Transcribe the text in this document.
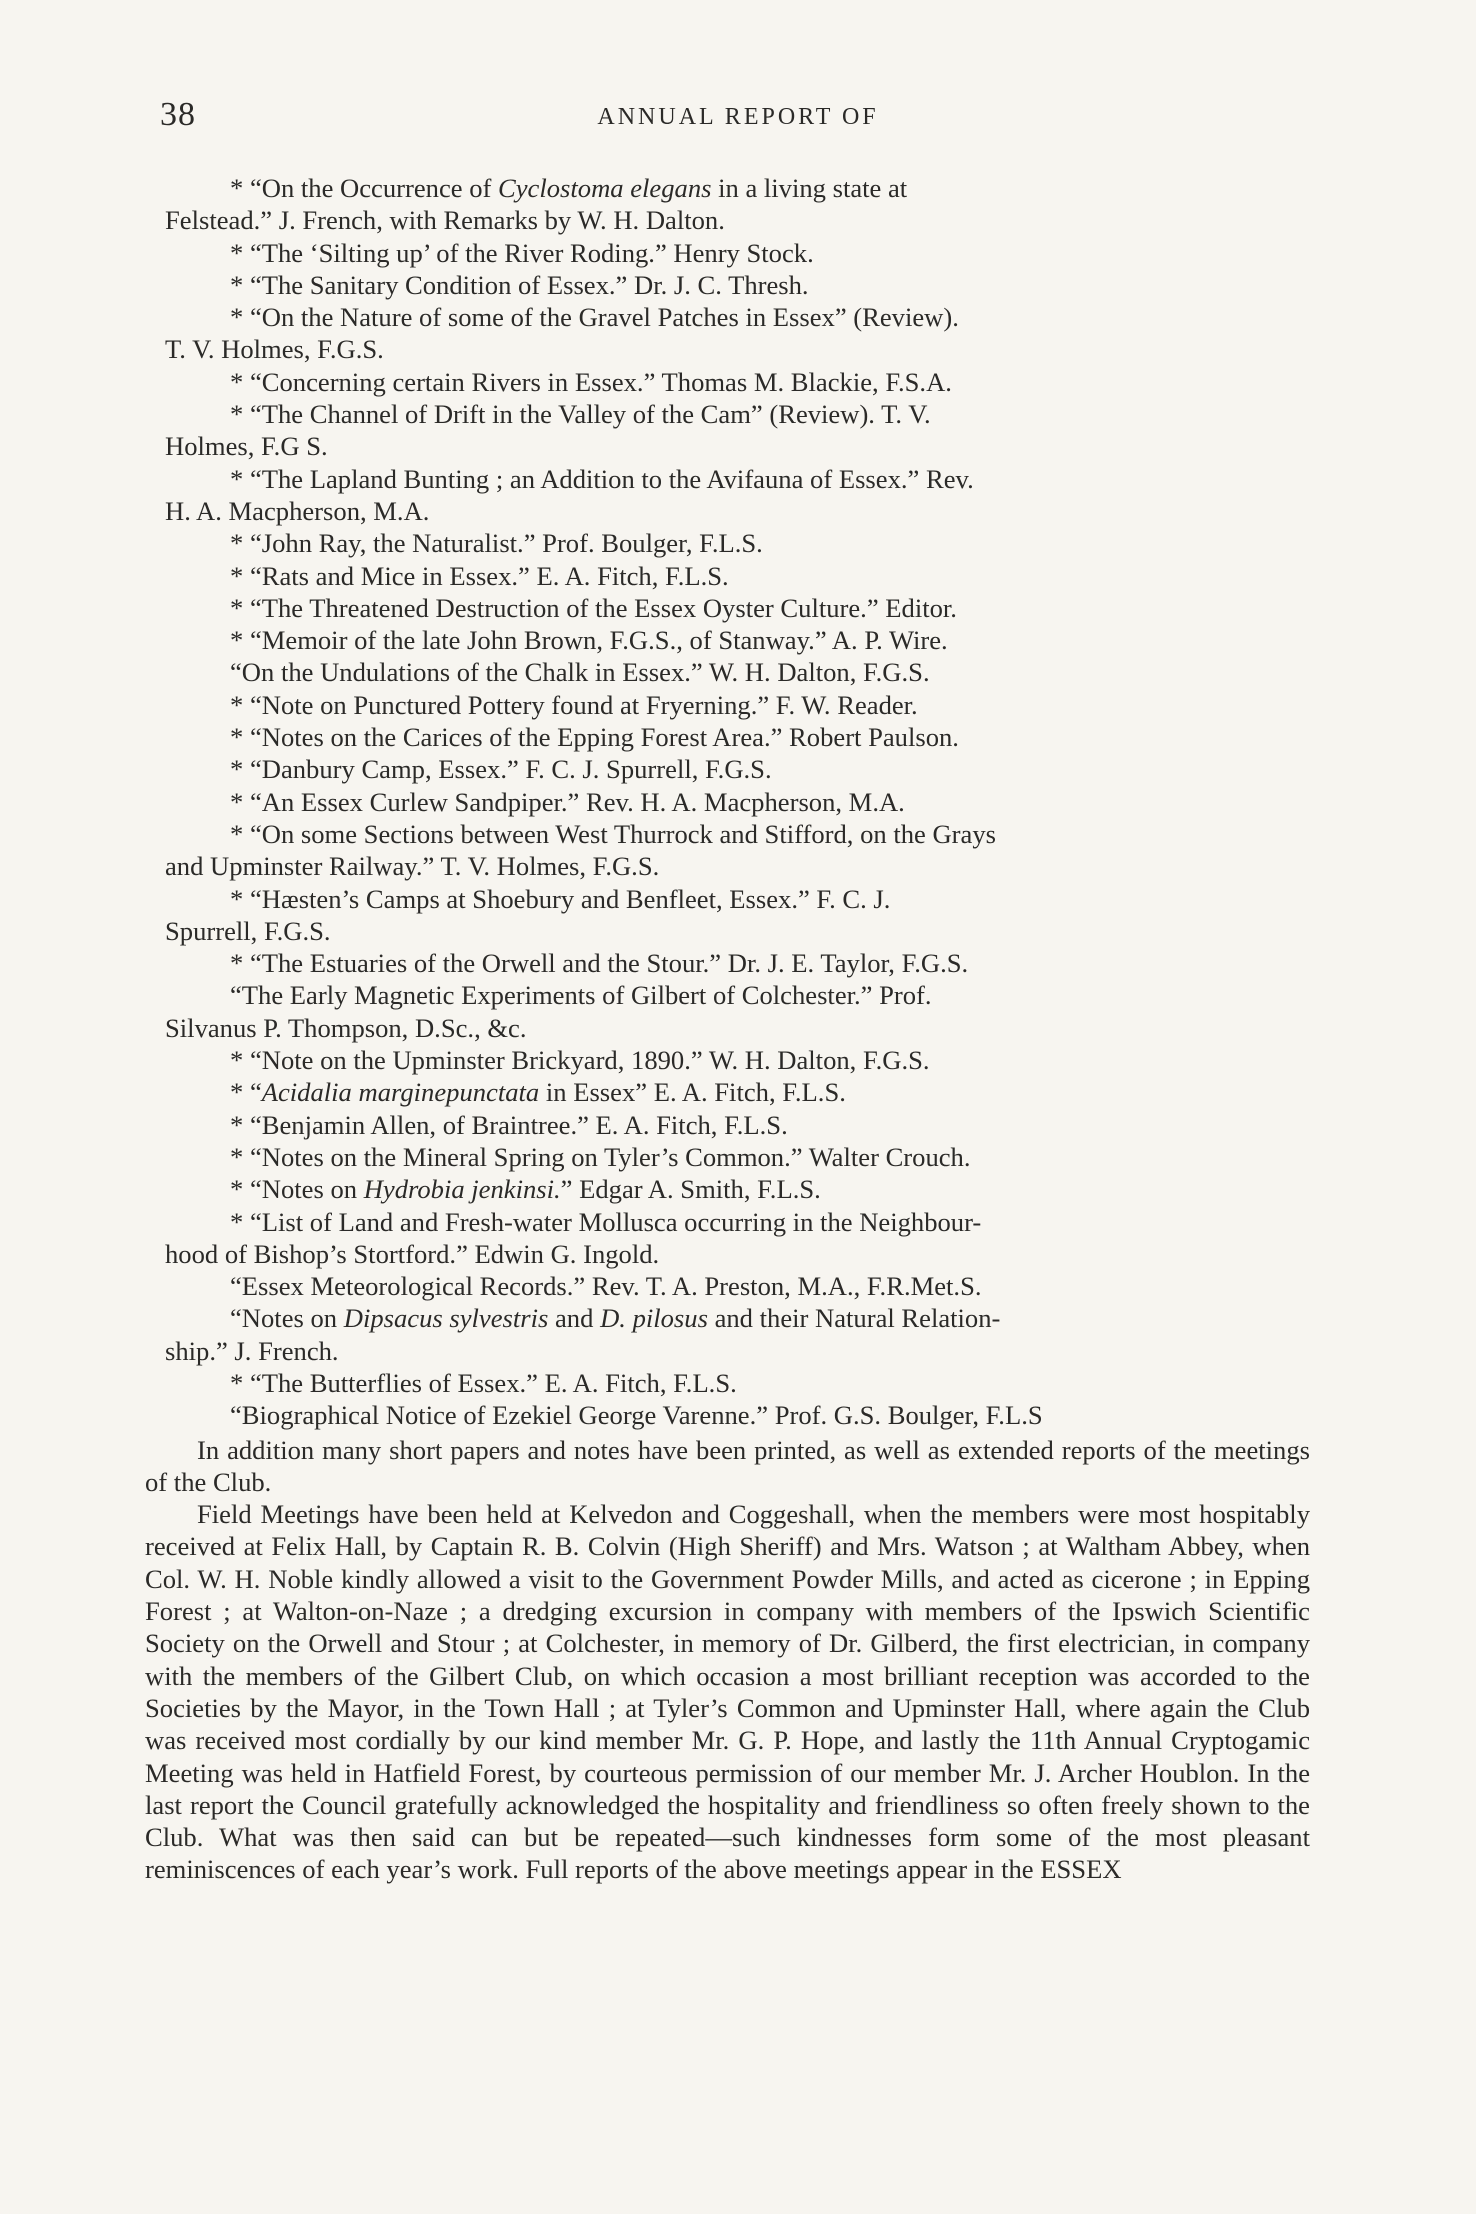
38	ANNUAL REPORT OF
* “On the Occurrence of Cyclostoma elegans in a living state at
Felstead.” J. French, with Remarks by W. H. Dalton.
* “The ‘Silting up’ of the River Roding.” Henry Stock.
* “The Sanitary Condition of Essex.” Dr. J. C. Thresh.
* “On the Nature of some of the Gravel Patches in Essex” (Review).
T. V. Holmes, F.G.S.
* “Concerning certain Rivers in Essex.” Thomas M. Blackie, F.S.A.
* “The Channel of Drift in the Valley of the Cam” (Review). T. V.
Holmes, F.G S.
* “The Lapland Bunting ; an Addition to the Avifauna of Essex.” Rev.
H. A. Macpherson, M.A.
* “John Ray, the Naturalist.” Prof. Boulger, F.L.S.
* “Rats and Mice in Essex.” E. A. Fitch, F.L.S.
* “The Threatened Destruction of the Essex Oyster Culture.” Editor.
* “Memoir of the late John Brown, F.G.S., of Stanway.” A. P. Wire.
“On the Undulations of the Chalk in Essex.” W. H. Dalton, F.G.S.
* “Note on Punctured Pottery found at Fryerning.” F. W. Reader.
* “Notes on the Carices of the Epping Forest Area.” Robert Paulson.
* “Danbury Camp, Essex.” F. C. J. Spurrell, F.G.S.
* “An Essex Curlew Sandpiper.” Rev. H. A. Macpherson, M.A.
* “On some Sections between West Thurrock and Stifford, on the Grays
and Upminster Railway.” T. V. Holmes, F.G.S.
* “Hæsten’s Camps at Shoebury and Benfleet, Essex.” F. C. J.
Spurrell, F.G.S.
* “The Estuaries of the Orwell and the Stour.” Dr. J. E. Taylor, F.G.S.
“The Early Magnetic Experiments of Gilbert of Colchester.” Prof.
Silvanus P. Thompson, D.Sc., &c.
* “Note on the Upminster Brickyard, 1890.” W. H. Dalton, F.G.S.
* “Acidalia marginepunctata in Essex” E. A. Fitch, F.L.S.
* “Benjamin Allen, of Braintree.” E. A. Fitch, F.L.S.
* “Notes on the Mineral Spring on Tyler’s Common.” Walter Crouch.
* “Notes on Hydrobia jenkinsi.” Edgar A. Smith, F.L.S.
* “List of Land and Fresh-water Mollusca occurring in the Neighbour-
hood of Bishop’s Stortford.” Edwin G. Ingold.
“Essex Meteorological Records.” Rev. T. A. Preston, M.A., F.R.Met.S.
“Notes on Dipsacus sylvestris and D. pilosus and their Natural Relation-
ship.” J. French.
* “The Butterflies of Essex.” E. A. Fitch, F.L.S.
“Biographical Notice of Ezekiel George Varenne.” Prof. G.S. Boulger, F.L.S

In addition many short papers and notes have been printed, as well as extended reports of the meetings of the Club.

Field Meetings have been held at Kelvedon and Coggeshall, when the members were most hospitably received at Felix Hall, by Captain R. B. Colvin (High Sheriff) and Mrs. Watson ; at Waltham Abbey, when Col. W. H. Noble kindly allowed a visit to the Government Powder Mills, and acted as cicerone ; in Epping Forest ; at Walton-on-Naze ; a dredging excursion in company with members of the Ipswich Scientific Society on the Orwell and Stour ; at Colchester, in memory of Dr. Gilberd, the first electrician, in company with the members of the Gilbert Club, on which occasion a most brilliant reception was accorded to the Societies by the Mayor, in the Town Hall ; at Tyler’s Common and Upminster Hall, where again the Club was received most cordially by our kind member Mr. G. P. Hope, and lastly the 11th Annual Cryptogamic Meeting was held in Hatfield Forest, by courteous permission of our member Mr. J. Archer Houblon. In the last report the Council gratefully acknowledged the hospitality and friendliness so often freely shown to the Club. What was then said can but be repeated—such kindnesses form some of the most pleasant reminiscences of each year’s work. Full reports of the above meetings appear in the ESSEX
